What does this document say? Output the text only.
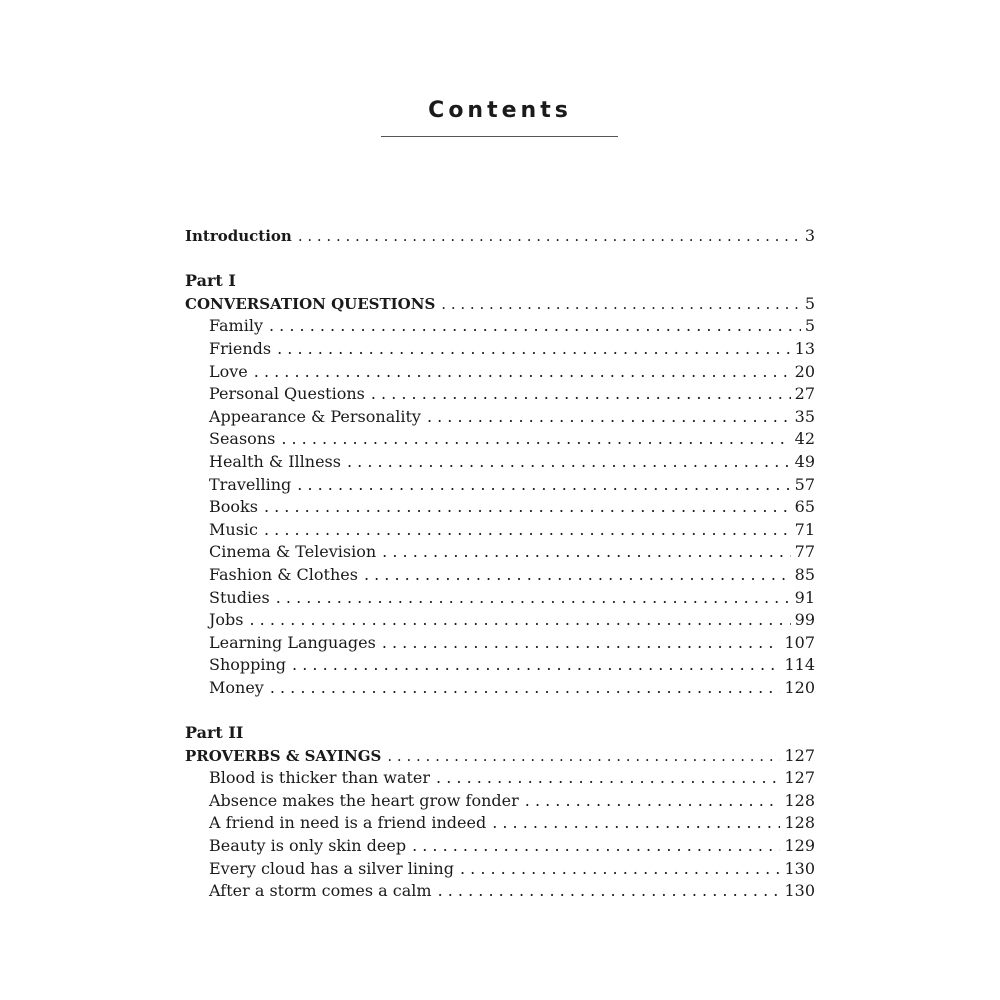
Contents
Introduction . . .	3
Part I
CONVERSATION QUESTIONS . . .	5
Family . . .	5
Friends . . .	13
Love . . .	20
Personal Questions . . .	27
Appearance & Personality . . .	35
Seasons . . .	42
Health & Illness . . .	49
Travelling . . .	57
Books . . .	65
Music . . .	71
Cinema & Television . . .	77
Fashion & Clothes . . .	85
Studies . . .	91
Jobs . . .	99
Learning Languages . . .	107
Shopping . . .	114
Money . . .	120
Part II
PROVERBS & SAYINGS . . .	127
Blood is thicker than water . . .	127
Absence makes the heart grow fonder . . .	128
A friend in need is a friend indeed . . .	128
Beauty is only skin deep . . .	129
Every cloud has a silver lining . . .	130
After a storm comes a calm . . .	130
